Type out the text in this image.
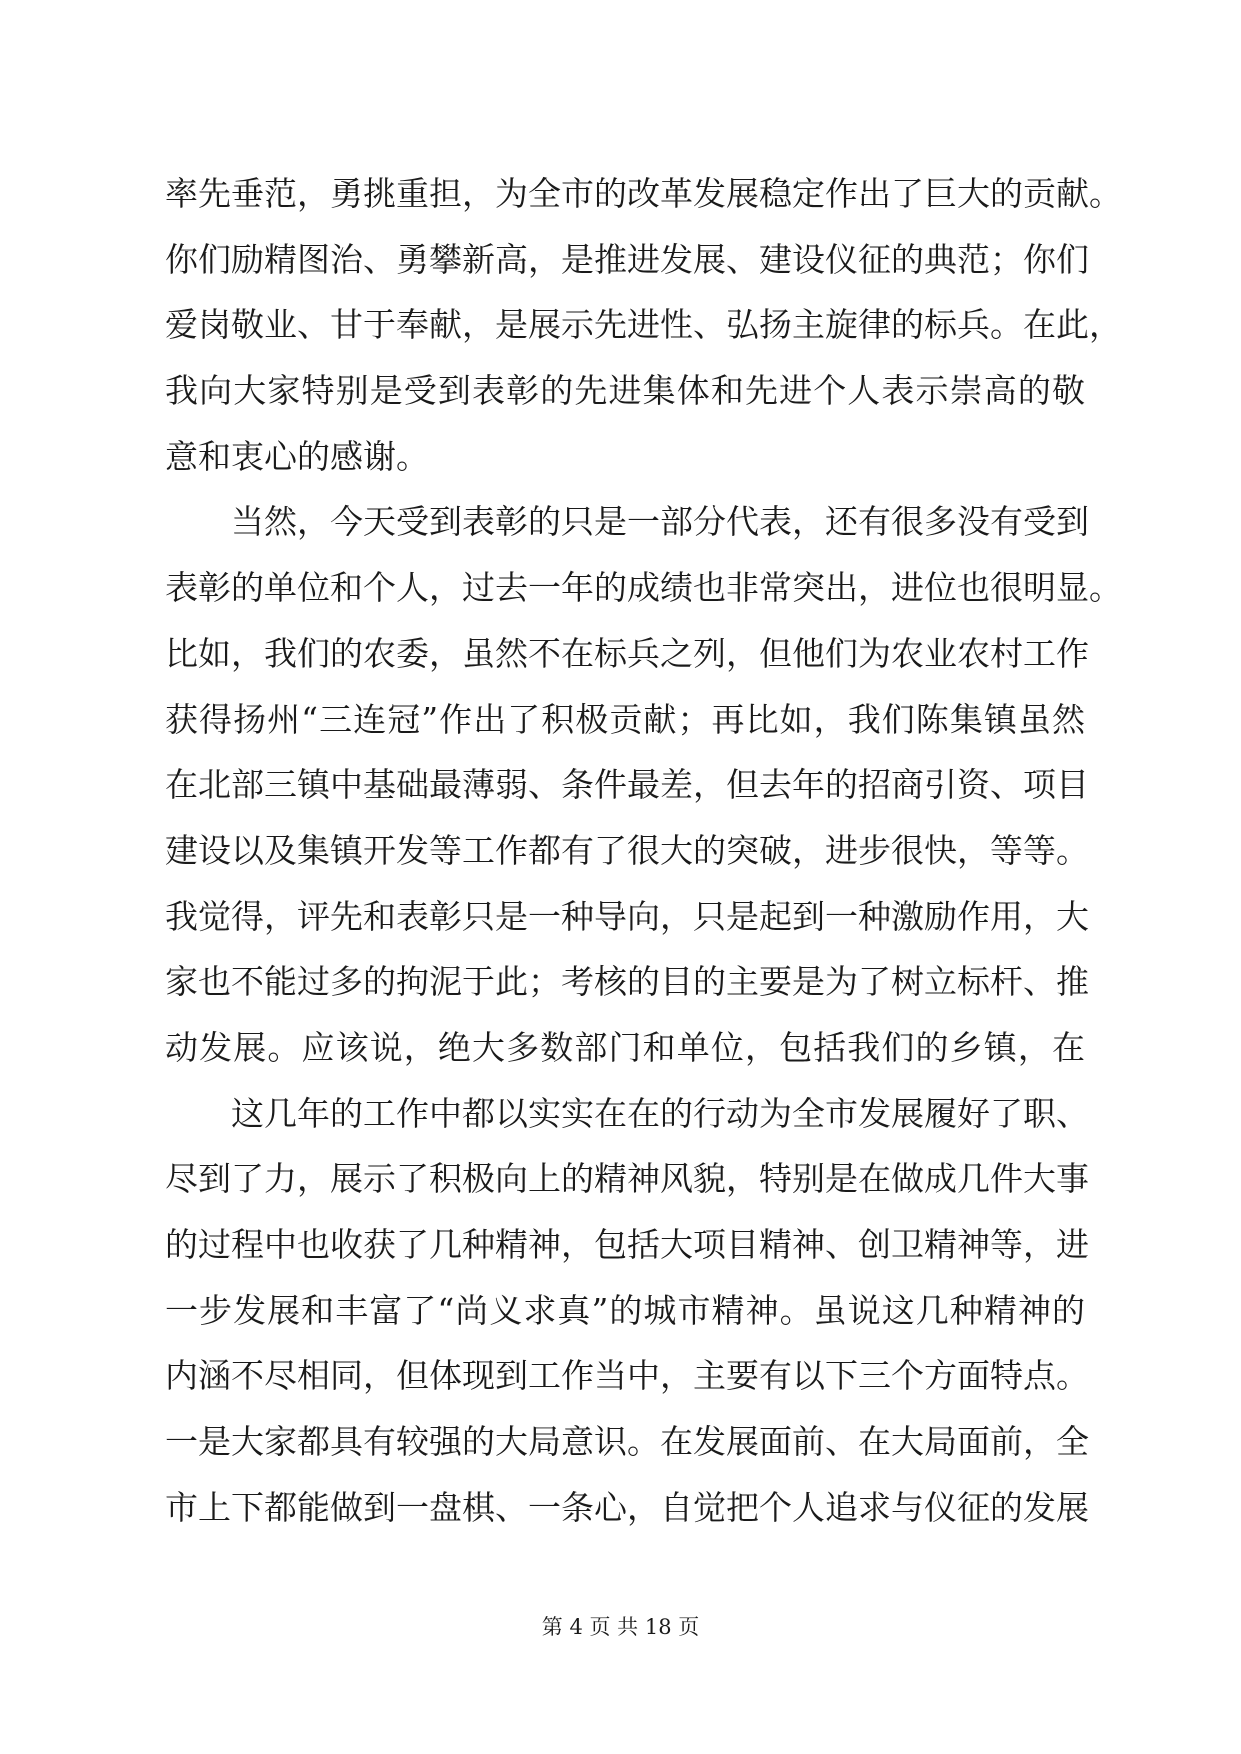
率先垂范，勇挑重担，为全市的改革发展稳定作出了巨大的贡献。
你们励精图治、勇攀新高，是推进发展、建设仪征的典范；你们
爱岗敬业、甘于奉献，是展示先进性、弘扬主旋律的标兵。在此，
我向大家特别是受到表彰的先进集体和先进个人表示崇高的敬
意和衷心的感谢。
当然，今天受到表彰的只是一部分代表，还有很多没有受到
表彰的单位和个人，过去一年的成绩也非常突出，进位也很明显。
比如，我们的农委，虽然不在标兵之列，但他们为农业农村工作
获得扬州“三连冠”作出了积极贡献；再比如，我们陈集镇虽然
在北部三镇中基础最薄弱、条件最差，但去年的招商引资、项目
建设以及集镇开发等工作都有了很大的突破，进步很快，等等。
我觉得，评先和表彰只是一种导向，只是起到一种激励作用，大
家也不能过多的拘泥于此；考核的目的主要是为了树立标杆、推
动发展。应该说，绝大多数部门和单位，包括我们的乡镇，在
这几年的工作中都以实实在在的行动为全市发展履好了职、
尽到了力，展示了积极向上的精神风貌，特别是在做成几件大事
的过程中也收获了几种精神，包括大项目精神、创卫精神等，进
一步发展和丰富了“尚义求真”的城市精神。虽说这几种精神的
内涵不尽相同，但体现到工作当中，主要有以下三个方面特点。
一是大家都具有较强的大局意识。在发展面前、在大局面前，全
市上下都能做到一盘棋、一条心，自觉把个人追求与仪征的发展
第 4 页 共 18 页
